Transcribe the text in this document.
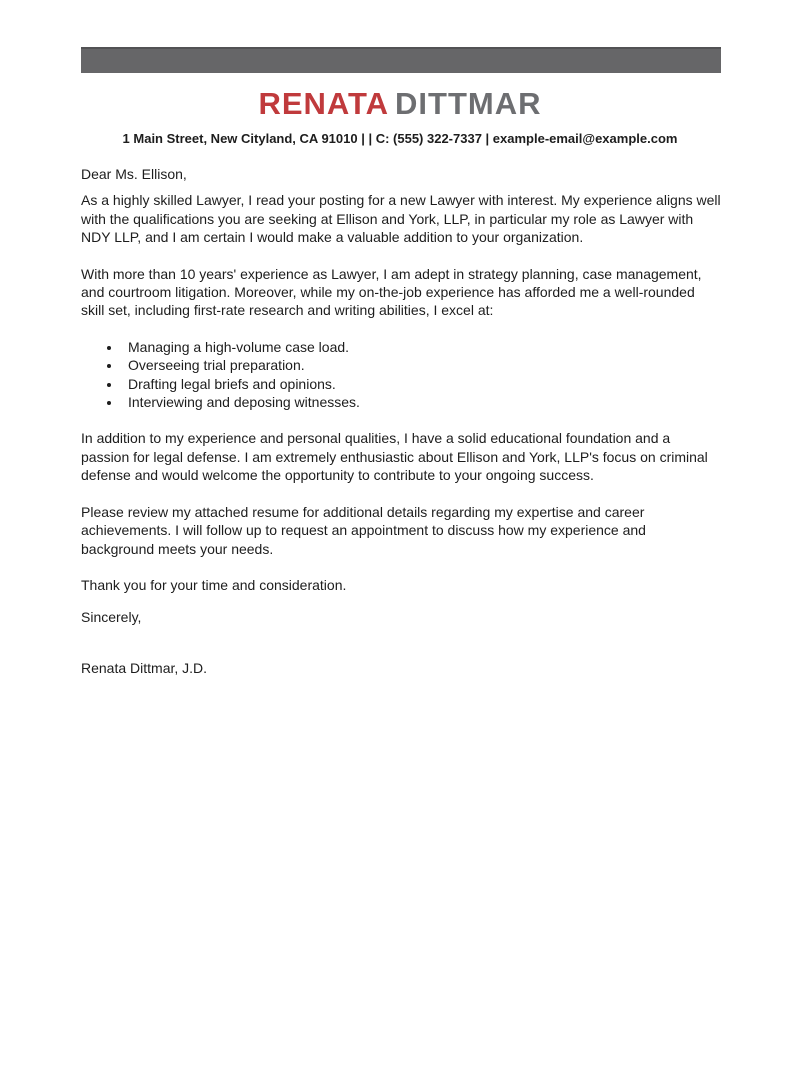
RENATA DITTMAR
1 Main Street, New Cityland, CA 91010 | | C: (555) 322-7337 | example-email@example.com

Dear Ms. Ellison,

As a highly skilled Lawyer, I read your posting for a new Lawyer with interest. My experience aligns well with the qualifications you are seeking at Ellison and York, LLP, in particular my role as Lawyer with NDY LLP, and I am certain I would make a valuable addition to your organization.

With more than 10 years' experience as Lawyer, I am adept in strategy planning, case management, and courtroom litigation. Moreover, while my on-the-job experience has afforded me a well-rounded skill set, including first-rate research and writing abilities, I excel at:

• Managing a high-volume case load.
• Overseeing trial preparation.
• Drafting legal briefs and opinions.
• Interviewing and deposing witnesses.

In addition to my experience and personal qualities, I have a solid educational foundation and a passion for legal defense. I am extremely enthusiastic about Ellison and York, LLP's focus on criminal defense and would welcome the opportunity to contribute to your ongoing success.

Please review my attached resume for additional details regarding my expertise and career achievements. I will follow up to request an appointment to discuss how my experience and background meets your needs.

Thank you for your time and consideration.

Sincerely,

Renata Dittmar, J.D.
